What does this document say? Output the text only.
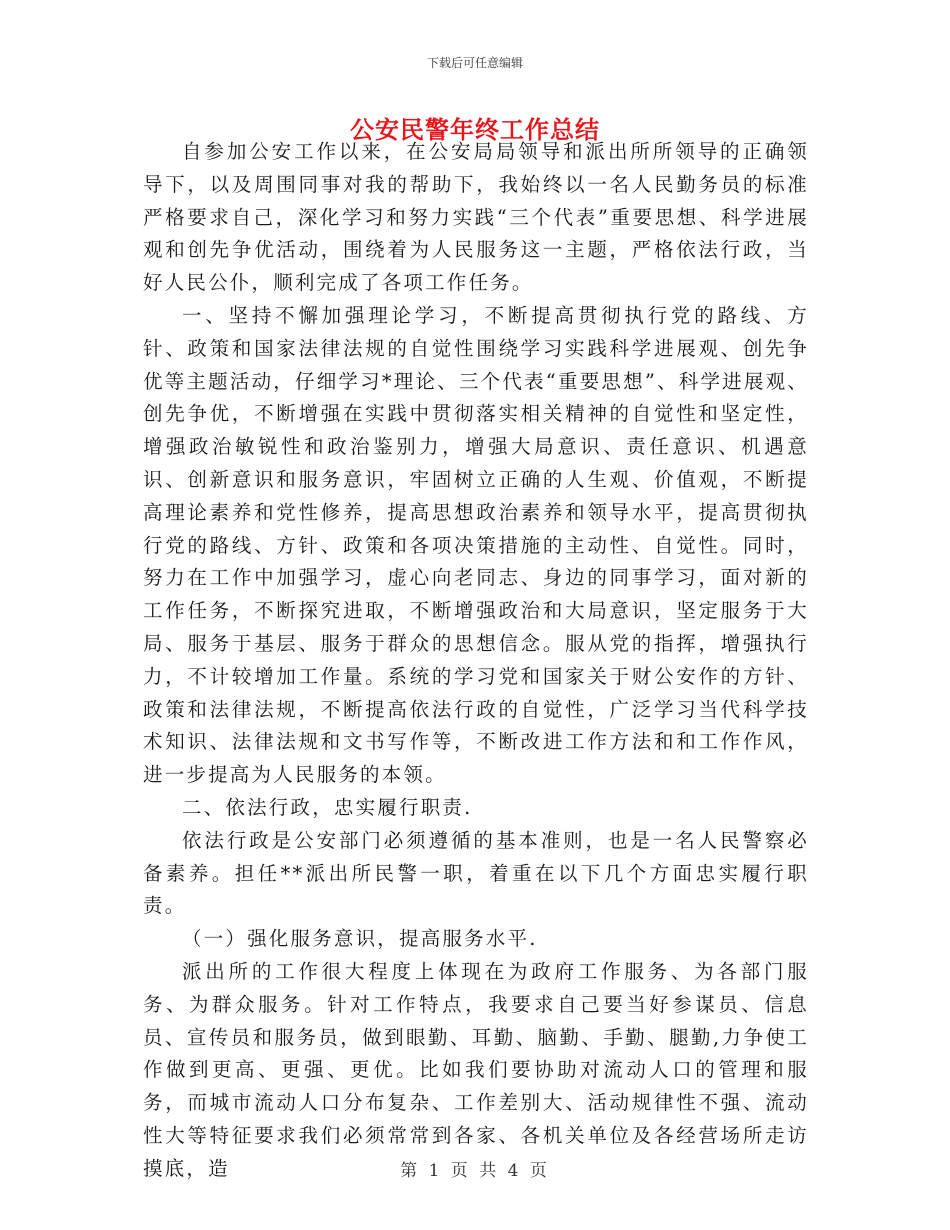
下载后可任意编辑
公安民警年终工作总结

自参加公安工作以来，在公安局局领导和派出所所领导的正确领导下，以及周围同事对我的帮助下，我始终以一名人民勤务员的标准严格要求自己，深化学习和努力实践“三个代表”重要思想、科学进展观和创先争优活动，围绕着为人民服务这一主题，严格依法行政，当好人民公仆，顺利完成了各项工作任务。

一、坚持不懈加强理论学习，不断提高贯彻执行党的路线、方针、政策和国家法律法规的自觉性围绕学习实践科学进展观、创先争优等主题活动，仔细学习*理论、三个代表“重要思想”、科学进展观、创先争优，不断增强在实践中贯彻落实相关精神的自觉性和坚定性，增强政治敏锐性和政治鉴别力，增强大局意识、责任意识、机遇意识、创新意识和服务意识，牢固树立正确的人生观、价值观，不断提高理论素养和党性修养，提高思想政治素养和领导水平，提高贯彻执行党的路线、方针、政策和各项决策措施的主动性、自觉性。同时，努力在工作中加强学习，虚心向老同志、身边的同事学习，面对新的工作任务，不断探究进取，不断增强政治和大局意识，坚定服务于大局、服务于基层、服务于群众的思想信念。服从党的指挥，增强执行力，不计较增加工作量。系统的学习党和国家关于财公安作的方针、政策和法律法规，不断提高依法行政的自觉性，广泛学习当代科学技术知识、法律法规和文书写作等，不断改进工作方法和和工作作风，进一步提高为人民服务的本领。

二、依法行政，忠实履行职责.

依法行政是公安部门必须遵循的基本准则，也是一名人民警察必备素养。担任**派出所民警一职，着重在以下几个方面忠实履行职责。

（一）强化服务意识，提高服务水平.

派出所的工作很大程度上体现在为政府工作服务、为各部门服务、为群众服务。针对工作特点，我要求自己要当好参谋员、信息员、宣传员和服务员，做到眼勤、耳勤、脑勤、手勤、腿勤,力争使工作做到更高、更强、更优。比如我们要协助对流动人口的管理和服务，而城市流动人口分布复杂、工作差别大、活动规律性不强、流动性大等特征要求我们必须常常到各家、各机关单位及各经营场所走访摸底，造	第 1 页 共 4 页
